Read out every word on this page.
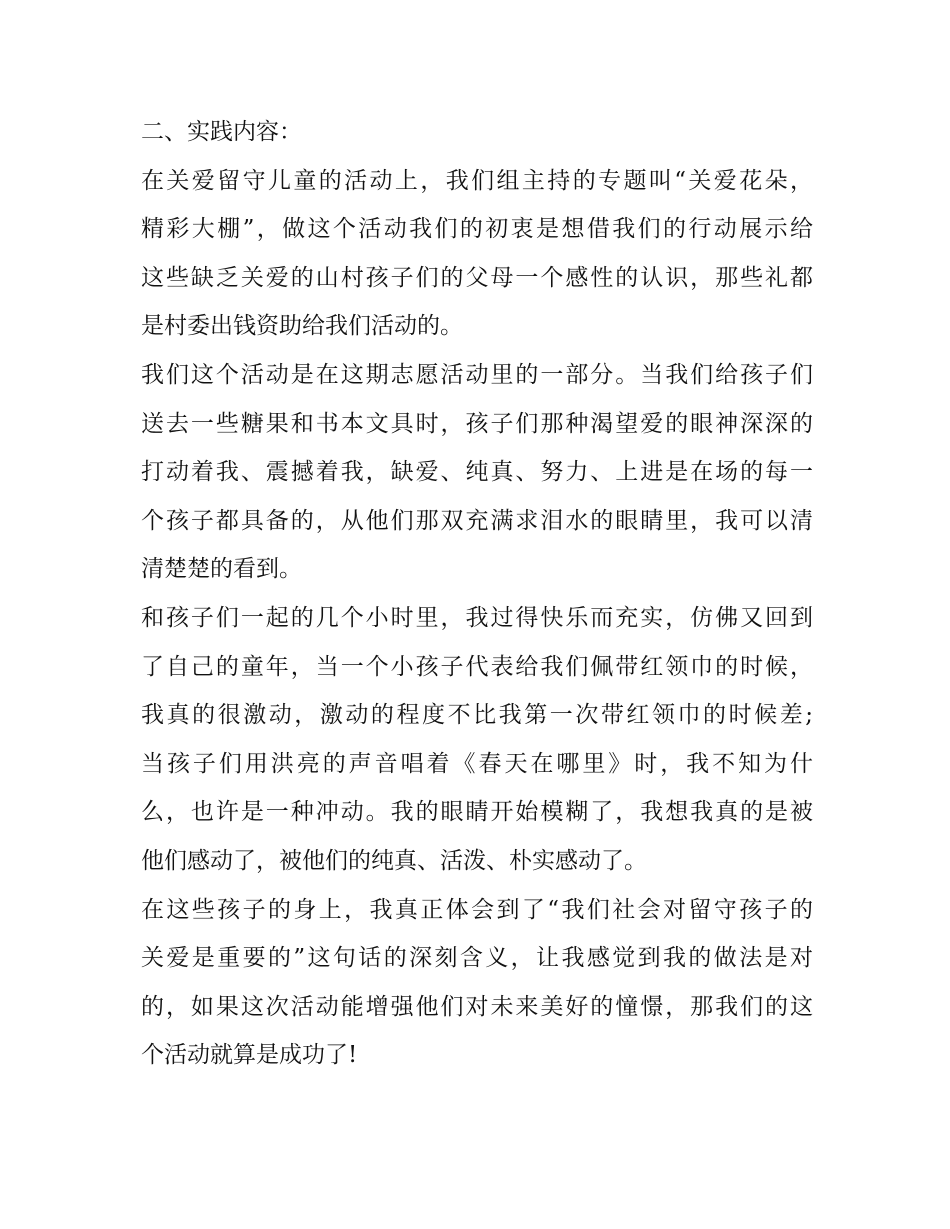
二、实践内容：
在关爱留守儿童的活动上，我们组主持的专题叫“关爱花朵，
精彩大棚”，做这个活动我们的初衷是想借我们的行动展示给
这些缺乏关爱的山村孩子们的父母一个感性的认识，那些礼都
是村委出钱资助给我们活动的。
我们这个活动是在这期志愿活动里的一部分。当我们给孩子们
送去一些糖果和书本文具时，孩子们那种渴望爱的眼神深深的
打动着我、震撼着我，缺爱、纯真、努力、上进是在场的每一
个孩子都具备的，从他们那双充满求泪水的眼睛里，我可以清
清楚楚的看到。
和孩子们一起的几个小时里，我过得快乐而充实，仿佛又回到
了自己的童年，当一个小孩子代表给我们佩带红领巾的时候，
我真的很激动，激动的程度不比我第一次带红领巾的时候差;
当孩子们用洪亮的声音唱着《春天在哪里》时，我不知为什
么，也许是一种冲动。我的眼睛开始模糊了，我想我真的是被
他们感动了，被他们的纯真、活泼、朴实感动了。
在这些孩子的身上，我真正体会到了“我们社会对留守孩子的
关爱是重要的”这句话的深刻含义，让我感觉到我的做法是对
的，如果这次活动能增强他们对未来美好的憧憬，那我们的这
个活动就算是成功了!
